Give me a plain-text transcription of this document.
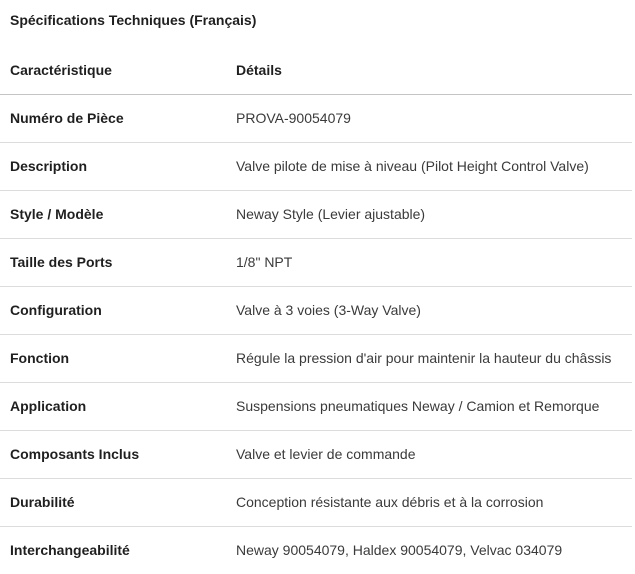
Spécifications Techniques (Français)
Caractéristique	Détails
Numéro de Pièce	PROVA-90054079
Description	Valve pilote de mise à niveau (Pilot Height Control Valve)
Style / Modèle	Neway Style (Levier ajustable)
Taille des Ports	1/8" NPT
Configuration	Valve à 3 voies (3-Way Valve)
Fonction	Régule la pression d'air pour maintenir la hauteur du châssis
Application	Suspensions pneumatiques Neway / Camion et Remorque
Composants Inclus	Valve et levier de commande
Durabilité	Conception résistante aux débris et à la corrosion
Interchangeabilité	Neway 90054079, Haldex 90054079, Velvac 034079
